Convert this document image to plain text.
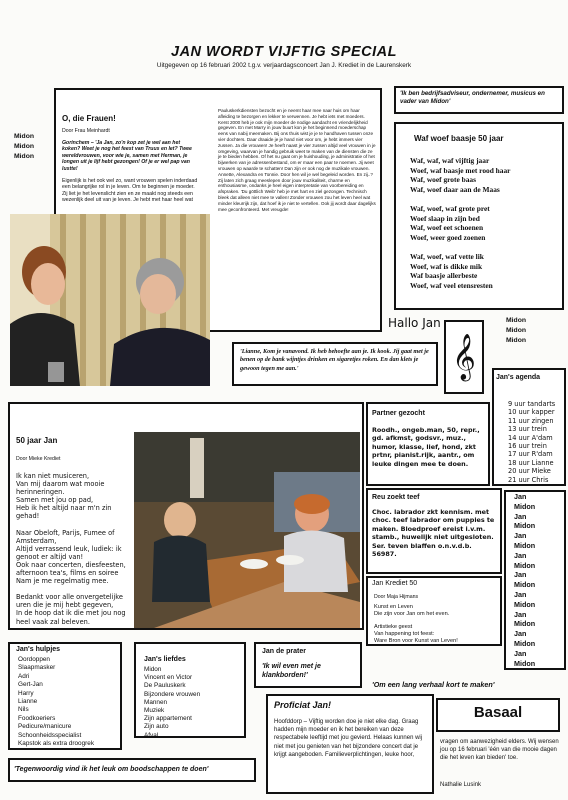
JAN WORDT VIJFTIG SPECIAL
Uitgegeven op 16 februari 2002 t.g.v. verjaardagsconcert Jan J. Krediet in de Laurenskerk
Midon
Midon
Midon
O, die Frauen!
Door Frau Meinhardt
Gorinchem – 'Ja Jan, zo'n kop zet je wel aan het koken? Weet je nog het feest van Truus en Iet? Twee wereldvrouwen, voor wie je, samen met Herman, je longen uit je lijf hebt gezongen! Of je er wel pap van lustte!
Eigenlijk is het ook wel zo, want vrouwen spelen inderdaad een belangrijke rol in je leven. Om te beginnen je moeder. Zij liet je het levenslicht zien en ze maakt nog steeds een wezenlijk deel uit van je leven. Je hebt met haar heel wat
Pauluskerkdiensten bezocht en je neemt haar mee naar huis om haar afleiding te bezorgen en lekker te verwennen. Je hebt iets met moeders. Kerst 2000 heb je ook mijn moeder de nodige aandacht en vriendelijkheid gegeven. En met Marry in jouw buurt kon je het beginnend moederschap eens van nabij meemaken. Bij ons thuis wist je je te handhaven tussen onze vier dochters. Daar draaide je je hand niet voor om, je hebt immers vier zussen. Ja die vrouwen! Je heeft naast je vier zussen altijd veel vrouwen in je omgeving, waarvan je handig gebruik weet te maken van de diensten die ze je te bieden hebben. Of het nu gaat om je huishouding, je administratie of het bijwerken van je adressenbestand, om er maar een paar te noemen. Jij weet vrouwen op waarde te schatten! Dan zijn er ook nog de muzikale vrouwen. Annette, Alexandra en Tonnie. Door hen wil je wel begeleid worden. En zij..? Zij laten zich graag meeslepen door jouw muzikaliteit, charme en enthousiasme, ondanks je heel eigen interpretatie van voorbereiding en afspraken. 'Du göttlich Weib' heb je met hart en ziel gezongen. Technisch bleek dat alleen niet mee te vallen! Zonder vrouwen zou het leven heel wat minder kleurrijk zijn, dat hoef ik je niet te vertellen. Ook jij wordt daar dagelijks mee geconfronteerd. Met vreugde!
'Ik ben bedrijfsadviseur, ondernemer, musicus en vader van Midon'
Waf woef baasje 50 jaar
Waf, waf, waf vijftig jaar
Woef, waf baasje met rood haar
Waf, woef grote baas
Waf, woef daar aan de Maas
Waf, woef, waf grote pret
Woef slaap in zijn bed
Waf, woef eet schoenen
Woef, weer goed zoenen
Waf, woef, waf vette lik
Woef, waf is dikke mik
Waf baasje allerbeste
Woef, waf veel etensresten
Hallo Jan
𝄞
Midon
Midon
Midon
'Lianne, Kom je vanavond. Ik heb behoefte aan je. Ik kook. Jij gaat met je benen op de bank wijntjes drinken en sigaretjes roken. En dan klets je gewoon tegen me aan.'
Jan's agenda
9 uur tandarts
10 uur kapper
11 uur zingen
13 uur trein
14 uur A'dam
16 uur trein
17 uur R'dam
18 uur Lianne
20 uur Mieke
21 uur Chris
50 jaar Jan
Door Mieke Krediet
Ik kan niet musiceren,
Van mij daarom wat mooie
herinneringen.
Samen met jou op pad,
Heb ik het altijd naar m'n zin
gehad!
Naar Obeloft, Parijs, Fumee of
Amsterdam,
Altijd verrassend leuk, ludiek: ik
genoot er altijd van!
Ook naar concerten, diesfeesten,
afternoon tea's, films en soiree
Nam je me regelmatig mee.
Bedankt voor alle onvergetelijke
uren die je mij hebt gegeven,
In de hoop dat ik die met jou nog
heel vaak zal beleven.
Partner gezocht
Roodh., ongeb.man, 50, repr., gd. afkmst, godsvr., muz., humor, klasse, lief, hond, zkt prtnr, pianist.rijk, aantr., om leuke dingen mee te doen.
Reu zoekt teef
Choc. labrador zkt kennism. met choc. teef labrador om puppies te maken. Bloedproef ereist i.v.m. stamb., huwelijk niet uitgesloten. Ser. teven blaffen o.n.v.d.b. 56987.
Jan
Midon
Jan
Midon
Jan
Midon
Jan
Midon
Jan
Midon
Jan
Midon
Jan
Midon
Jan
Midon
Jan
Midon
Jan Krediet 50
Door Maja Hijmans
Kunst en Leven
Die zijn voor Jan om het even.
Artistieke geest
Van happening tot feest:
Ware Bron voor Kunst van Leven!
Jan's hulpjes
Oordoppen
Slaapmasker
Adri
Gert-Jan
Harry
Lianne
Nils
Foodkoeriers
Pedicure/manicure
Schoonheidsspecialist
Kapstok als extra droogrek
Jan's liefdes
Midon
Vincent en Victor
De Pauluskerk
Bijzondere vrouwen
Mannen
Muziek
Zijn appartement
Zijn auto
Afval
Jan de prater
'Ik wil even met je klankborden!'
'Om een lang verhaal kort te maken'
Proficiat Jan!
Hoofddorp – Vijftig worden doe je niet elke dag. Graag hadden mijn moeder en ik het bereiken van deze respectabele leeftijd met jou gevierd. Helaas kunnen wij niet met jou genieten van het bijzondere concert dat je krijgt aangeboden. Familieverplichtingen, leuke hoor,
Basaal
vragen om aanwezigheid elders. Wij wensen jou op 16 februari 'één van die mooie dagen die het leven kan bieden' toe.
Nathalie Lusink
'Tegenwoordig vind ik het leuk om boodschappen te doen'
